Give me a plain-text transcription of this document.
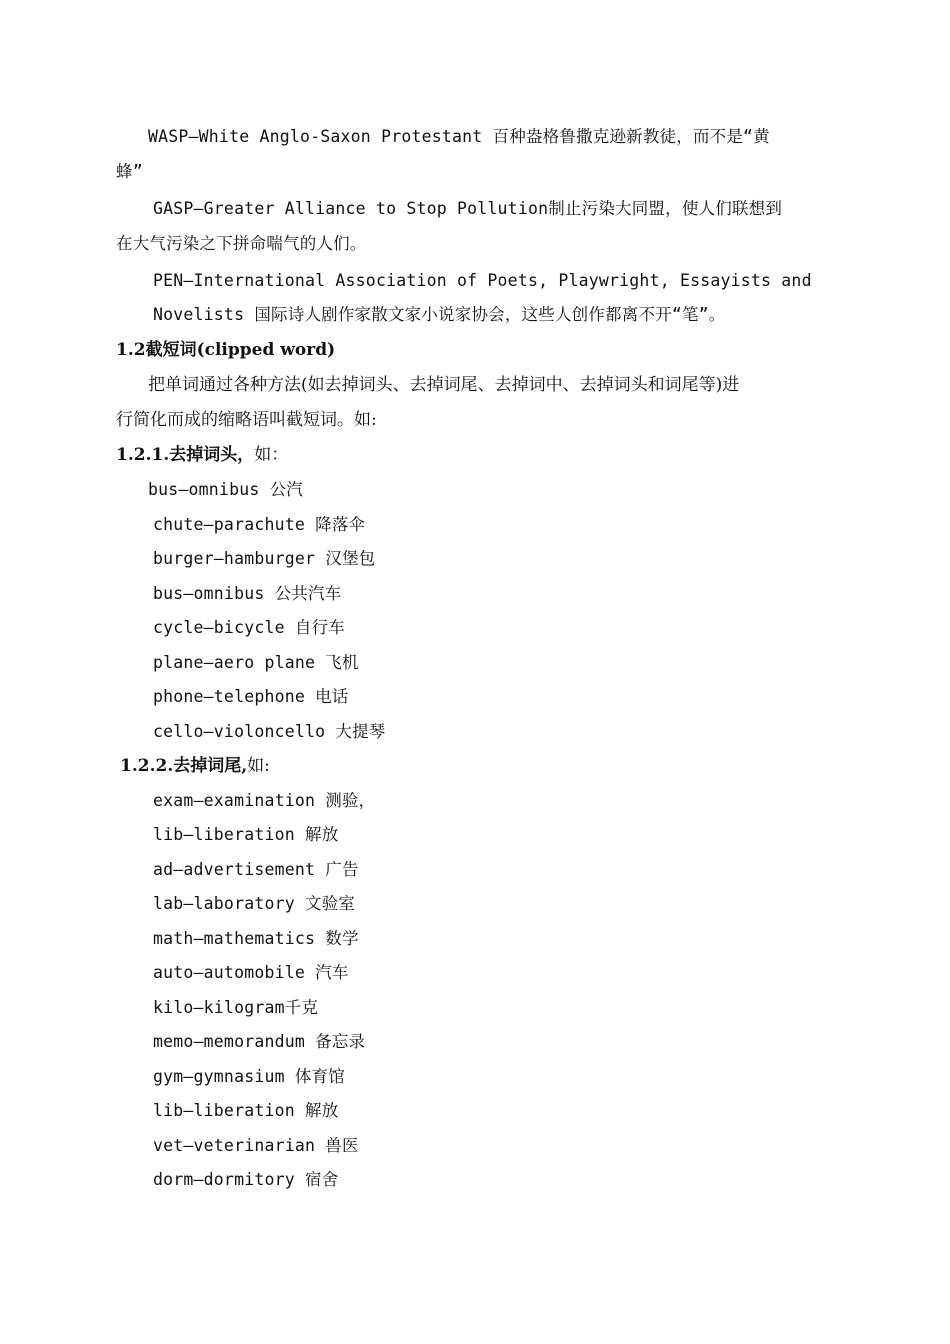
WASP—White Anglo-Saxon Protestant 百种盎格鲁撒克逊新教徒，而不是“黄
蜂”
GASP—Greater Alliance to Stop Pollution制止污染大同盟，使人们联想到
在大气污染之下拼命喘气的人们。
PEN—International Association of Poets, Playwright, Essayists and
Novelists 国际诗人剧作家散文家小说家协会，这些人创作都离不开“笔”。
1.2截短词(clipped word)
把单词通过各种方法(如去掉词头、去掉词尾、去掉词中、去掉词头和词尾等)进
行简化而成的缩略语叫截短词。如:
1.2.1.去掉词头，如：
bus—omnibus 公汽
chute—parachute 降落伞
burger—hamburger 汉堡包
bus—omnibus 公共汽车
cycle—bicycle 自行车
plane—aero plane 飞机
phone—telephone 电话
cello—violoncello 大提琴
1.2.2.去掉词尾,如:
exam—examination 测验，
lib—liberation 解放
ad—advertisement 广告
lab—laboratory 文验室
math—mathematics 数学
auto—automobile 汽车
kilo—kilogram千克
memo—memorandum 备忘录
gym—gymnasium 体育馆
lib—liberation 解放
vet—veterinarian 兽医
dorm—dormitory 宿舍
